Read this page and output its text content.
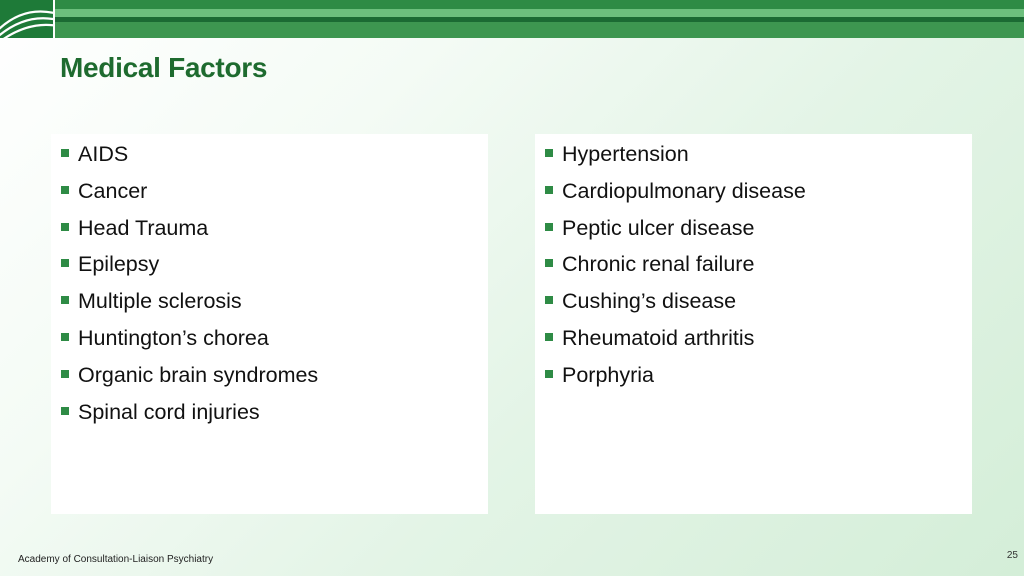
Medical Factors
AIDS
Cancer
Head Trauma
Epilepsy
Multiple sclerosis
Huntington’s chorea
Organic brain syndromes
Spinal cord injuries
Hypertension
Cardiopulmonary disease
Peptic ulcer disease
Chronic renal failure
Cushing’s disease
Rheumatoid arthritis
Porphyria
Academy of Consultation-Liaison Psychiatry	25
